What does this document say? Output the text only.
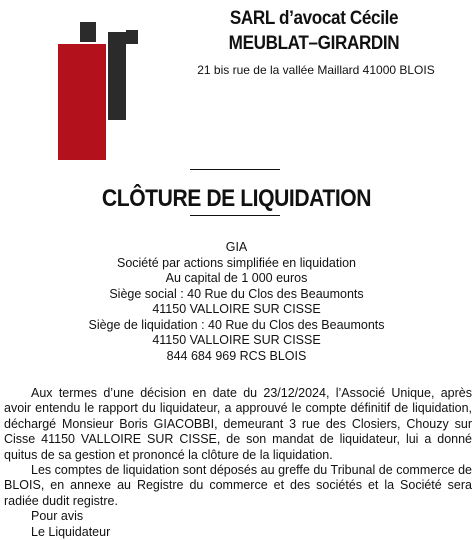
SARL d’avocat Cécile
MEUBLAT–GIRARDIN
21 bis rue de la vallée Maillard 41000 BLOIS
CLÔTURE DE LIQUIDATION
GIA
Société par actions simplifiée en liquidation
Au capital de 1 000 euros
Siège social : 40 Rue du Clos des Beaumonts
41150 VALLOIRE SUR CISSE
Siège de liquidation : 40 Rue du Clos des Beaumonts
41150 VALLOIRE SUR CISSE
844 684 969 RCS BLOIS

Aux termes d’une décision en date du 23/12/2024, l’Associé Unique, après avoir entendu le rapport du liquidateur, a approuvé le compte définitif de liquidation, déchargé Monsieur Boris GIACOBBI, demeurant 3 rue des Closiers, Chouzy sur Cisse 41150 VALLOIRE SUR CISSE, de son mandat de liquidateur, lui a donné quitus de sa gestion et prononcé la clôture de la liquidation.

Les comptes de liquidation sont déposés au greffe du Tribunal de commerce de BLOIS, en annexe au Registre du commerce et des sociétés et la Société sera radiée dudit registre.

Pour avis
Le Liquidateur
